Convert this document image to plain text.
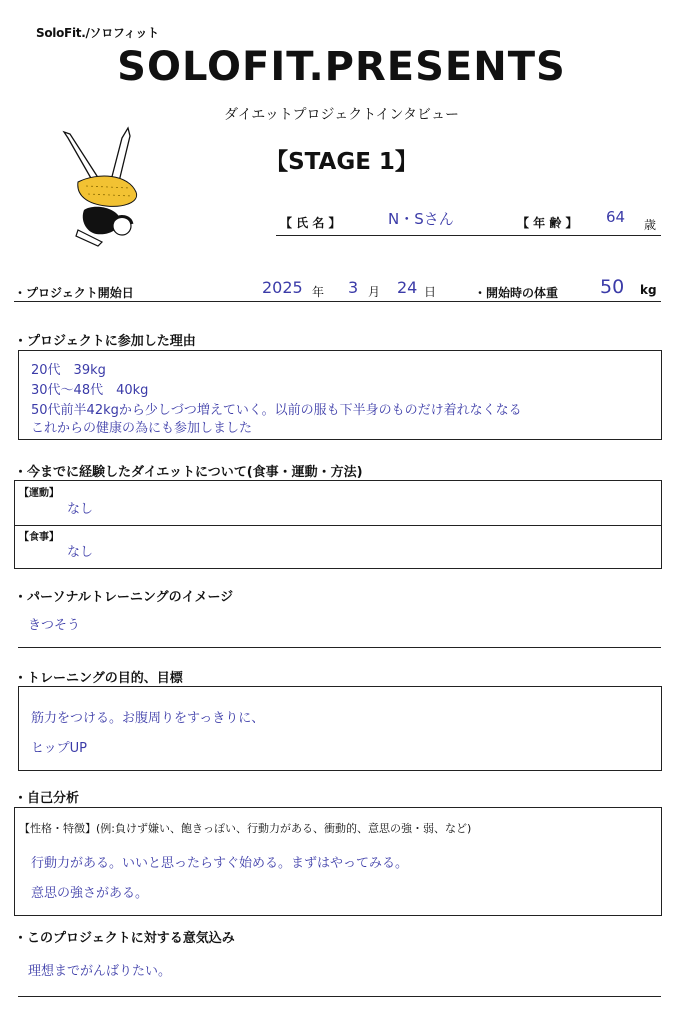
SoloFit./ソロフィット
SOLOFIT.PRESENTS
ダイエットプロジェクトインタビュー
【STAGE 1】
【 氏 名 】	N・Sさん	【 年 齢 】 64 歳
・プロジェクト開始日	2025 年 3 月 24 日	・開始時の体重 50 kg
・プロジェクトに参加した理由
20代　39kg
30代～48代　40kg
50代前半42kgから少しづつ増えていく。以前の服も下半身のものだけ着れなくなる
これからの健康の為にも参加しました
・今までに経験したダイエットについて(食事・運動・方法)
【運動】
なし
【食事】
なし
・パーソナルトレーニングのイメージ
きつそう
・トレーニングの目的、目標
筋力をつける。お腹周りをすっきりに、
ヒップUP
・自己分析
【性格・特徴】(例:負けず嫌い、飽きっぽい、行動力がある、衝動的、意思の強・弱、など)
行動力がある。いいと思ったらすぐ始める。まずはやってみる。
意思の強さがある。
・このプロジェクトに対する意気込み
理想までがんばりたい。
